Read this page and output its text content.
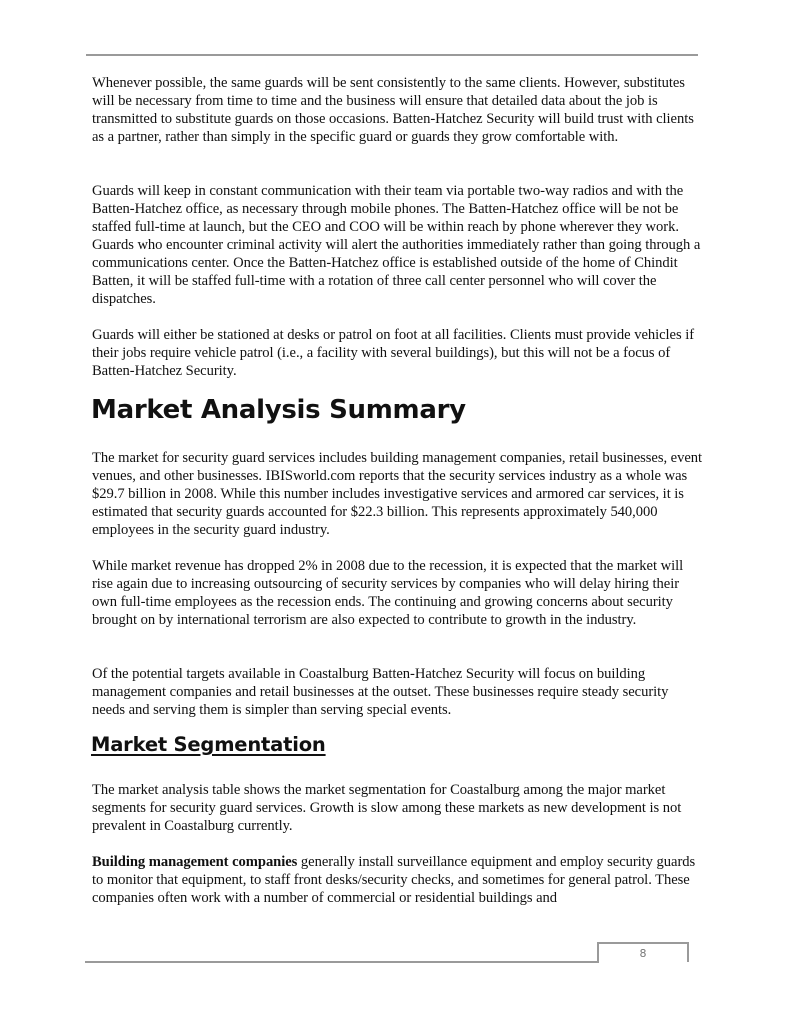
Whenever possible, the same guards will be sent consistently to the same clients. However, substitutes will be necessary from time to time and the business will ensure that detailed data about the job is transmitted to substitute guards on those occasions. Batten-Hatchez Security will build trust with clients as a partner, rather than simply in the specific guard or guards they grow comfortable with.

Guards will keep in constant communication with their team via portable two-way radios and with the Batten-Hatchez office, as necessary through mobile phones. The Batten-Hatchez office will be not be staffed full-time at launch, but the CEO and COO will be within reach by phone wherever they work. Guards who encounter criminal activity will alert the authorities immediately rather than going through a communications center. Once the Batten-Hatchez office is established outside of the home of Chindit Batten, it will be staffed full-time with a rotation of three call center personnel who will cover the dispatches.

Guards will either be stationed at desks or patrol on foot at all facilities. Clients must provide vehicles if their jobs require vehicle patrol (i.e., a facility with several buildings), but this will not be a focus of Batten-Hatchez Security.

Market Analysis Summary

The market for security guard services includes building management companies, retail businesses, event venues, and other businesses. IBISworld.com reports that the security services industry as a whole was $29.7 billion in 2008. While this number includes investigative services and armored car services, it is estimated that security guards accounted for $22.3 billion. This represents approximately 540,000 employees in the security guard industry.

While market revenue has dropped 2% in 2008 due to the recession, it is expected that the market will rise again due to increasing outsourcing of security services by companies who will delay hiring their own full-time employees as the recession ends. The continuing and growing concerns about security brought on by international terrorism are also expected to contribute to growth in the industry.

Of the potential targets available in Coastalburg Batten-Hatchez Security will focus on building management companies and retail businesses at the outset. These businesses require steady security needs and serving them is simpler than serving special events.

Market Segmentation

The market analysis table shows the market segmentation for Coastalburg among the major market segments for security guard services. Growth is slow among these markets as new development is not prevalent in Coastalburg currently.

Building management companies generally install surveillance equipment and employ security guards to monitor that equipment, to staff front desks/security checks, and sometimes for general patrol. These companies often work with a number of commercial or residential buildings and

8
